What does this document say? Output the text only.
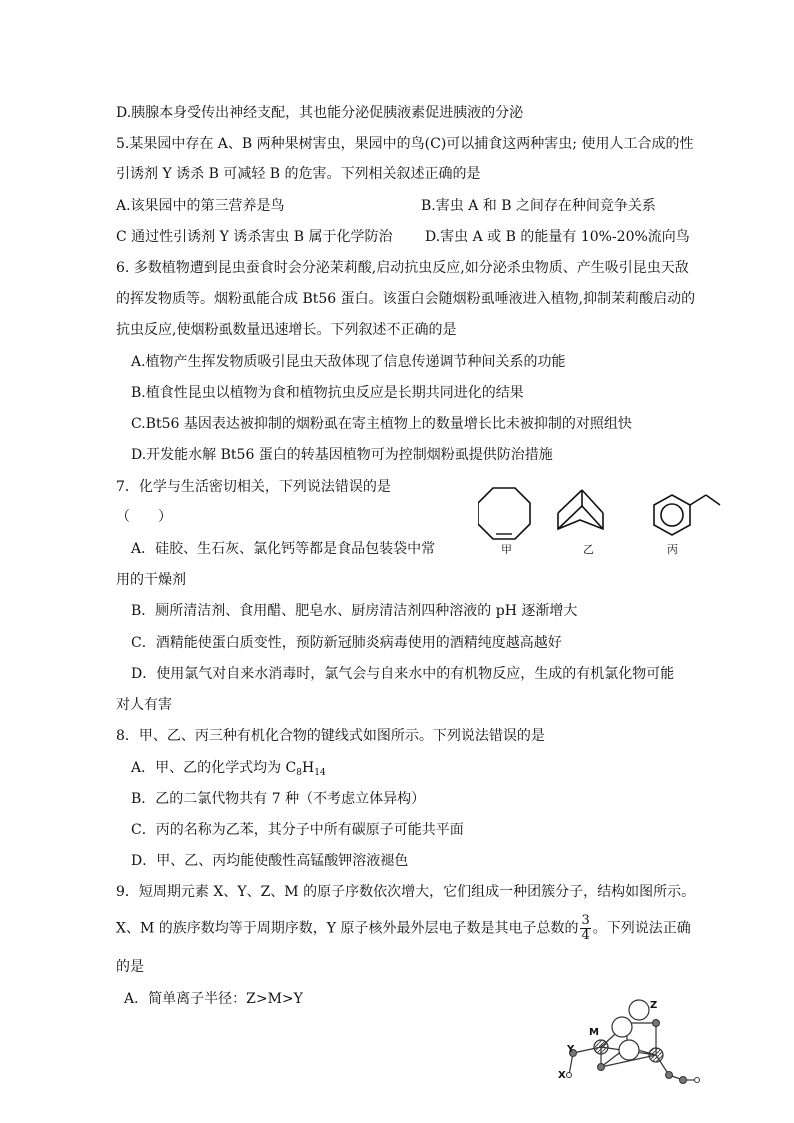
D.胰腺本身受传出神经支配，其也能分泌促胰液素促进胰液的分泌
5.某果园中存在 A、B 两种果树害虫，果园中的鸟(C)可以捕食这两种害虫; 使用人工合成的性
引诱剂 Y 诱杀 B 可减轻 B 的危害。下列相关叙述正确的是
A.该果园中的第三营养是鸟	B.害虫 A 和 B 之间存在种间竞争关系
C 通过性引诱剂 Y 诱杀害虫 B 属于化学防治 D.害虫 A 或 B 的能量有 10%-20%流向鸟
6. 多数植物遭到昆虫蚕食时会分泌茉莉酸,启动抗虫反应,如分泌杀虫物质、产生吸引昆虫天敌
的挥发物质等。烟粉虱能合成 Bt56 蛋白。该蛋白会随烟粉虱唾液进入植物,抑制茉莉酸启动的
抗虫反应,使烟粉虱数量迅速增长。下列叙述不正确的是
A.植物产生挥发物质吸引昆虫天敌体现了信息传递调节种间关系的功能
B.植食性昆虫以植物为食和植物抗虫反应是长期共同进化的结果
C.Bt56 基因表达被抑制的烟粉虱在寄主植物上的数量增长比未被抑制的对照组快
D.开发能水解 Bt56 蛋白的转基因植物可为控制烟粉虱提供防治措施
7．化学与生活密切相关，下列说法错误的是
（　　）
A．硅胶、生石灰、氯化钙等都是食品包装袋中常
用的干燥剂
B．厕所清洁剂、食用醋、肥皂水、厨房清洁剂四种溶液的 pH 逐渐增大
C．酒精能使蛋白质变性，预防新冠肺炎病毒使用的酒精纯度越高越好
D．使用氯气对自来水消毒时，氯气会与自来水中的有机物反应，生成的有机氯化物可能
对人有害
8．甲、乙、丙三种有机化合物的键线式如图所示。下列说法错误的是
A．甲、乙的化学式均为 $C_8H_{14}$
B．乙的二氯代物共有 7 种（不考虑立体异构）
C．丙的名称为乙苯，其分子中所有碳原子可能共平面
D．甲、乙、丙均能使酸性高锰酸钾溶液褪色
9．短周期元素 X、Y、Z、M 的原子序数依次增大，它们组成一种团簇分子，结构如图所示。
X、M 的族序数均等于周期序数，Y 原子核外最外层电子数是其电子总数的 $\frac{3}{4}$ 。下列说法正确
的是
A．简单离子半径：Z>M>Y
甲	乙	丙
Z
M
Y
X
